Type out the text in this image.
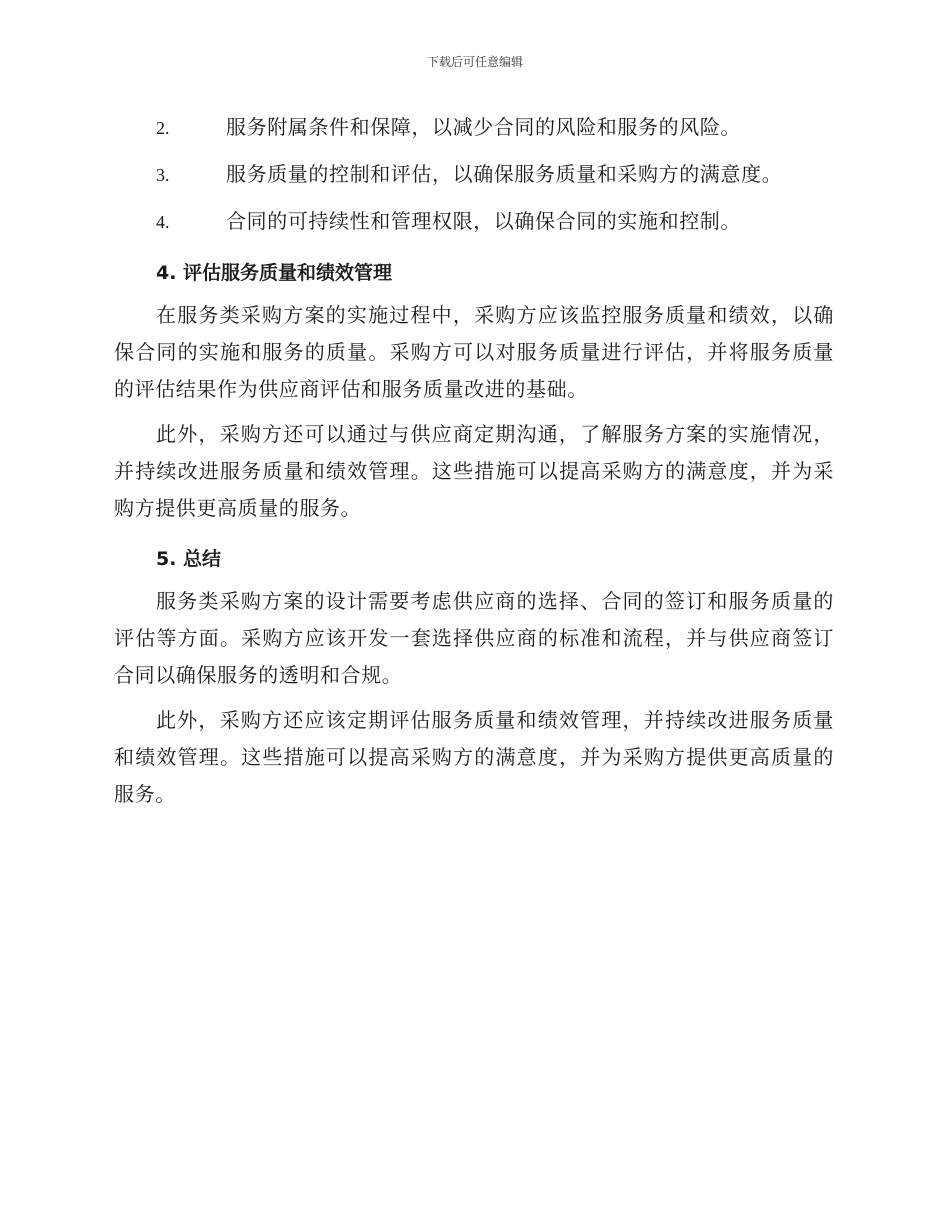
下载后可任意编辑
2.	服务附属条件和保障，以减少合同的风险和服务的风险。
3.	服务质量的控制和评估，以确保服务质量和采购方的满意度。
4.	合同的可持续性和管理权限，以确保合同的实施和控制。
4. 评估服务质量和绩效管理

在服务类采购方案的实施过程中，采购方应该监控服务质量和绩效，以确保合同的实施和服务的质量。采购方可以对服务质量进行评估，并将服务质量的评估结果作为供应商评估和服务质量改进的基础。

此外，采购方还可以通过与供应商定期沟通，了解服务方案的实施情况，并持续改进服务质量和绩效管理。这些措施可以提高采购方的满意度，并为采购方提供更高质量的服务。

5. 总结

服务类采购方案的设计需要考虑供应商的选择、合同的签订和服务质量的评估等方面。采购方应该开发一套选择供应商的标准和流程，并与供应商签订合同以确保服务的透明和合规。

此外，采购方还应该定期评估服务质量和绩效管理，并持续改进服务质量和绩效管理。这些措施可以提高采购方的满意度，并为采购方提供更高质量的服务。
